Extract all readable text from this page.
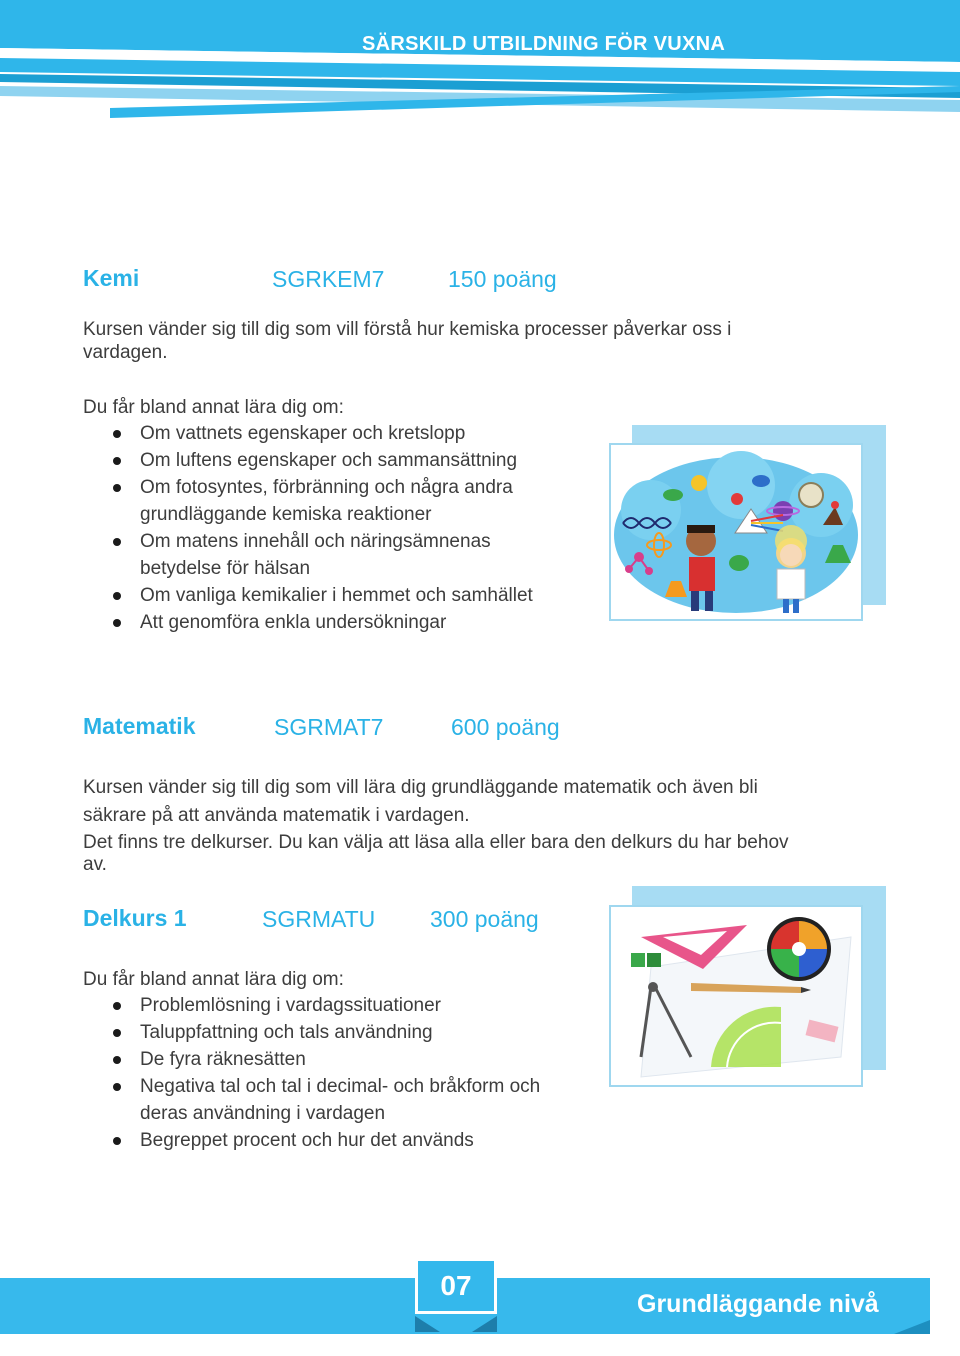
SÄRSKILD UTBILDNING FÖR VUXNA
Kemi	SGRKEM7	150 poäng
Kursen vänder sig till dig som vill förstå hur kemiska processer påverkar oss i
vardagen.
Du får bland annat lära dig om:
Om vattnets egenskaper och kretslopp
Om luftens egenskaper och sammansättning
Om fotosyntes, förbränning och några andra
grundläggande kemiska reaktioner
Om matens innehåll och näringsämnenas
betydelse för hälsan
Om vanliga kemikalier i hemmet och samhället
Att genomföra enkla undersökningar
Matematik	SGRMAT7	600 poäng
Kursen vänder sig till dig som vill lära dig grundläggande matematik och även bli
säkrare på att använda matematik i vardagen.
Det finns tre delkurser. Du kan välja att läsa alla eller bara den delkurs du har behov
av.
Delkurs 1	SGRMATU 300 poäng
Du får bland annat lära dig om:
Problemlösning i vardagssituationer
Taluppfattning och tals användning
De fyra räknesätten
Negativa tal och tal i decimal- och bråkform och
deras användning i vardagen
Begreppet procent och hur det används
07
Grundläggande nivå
